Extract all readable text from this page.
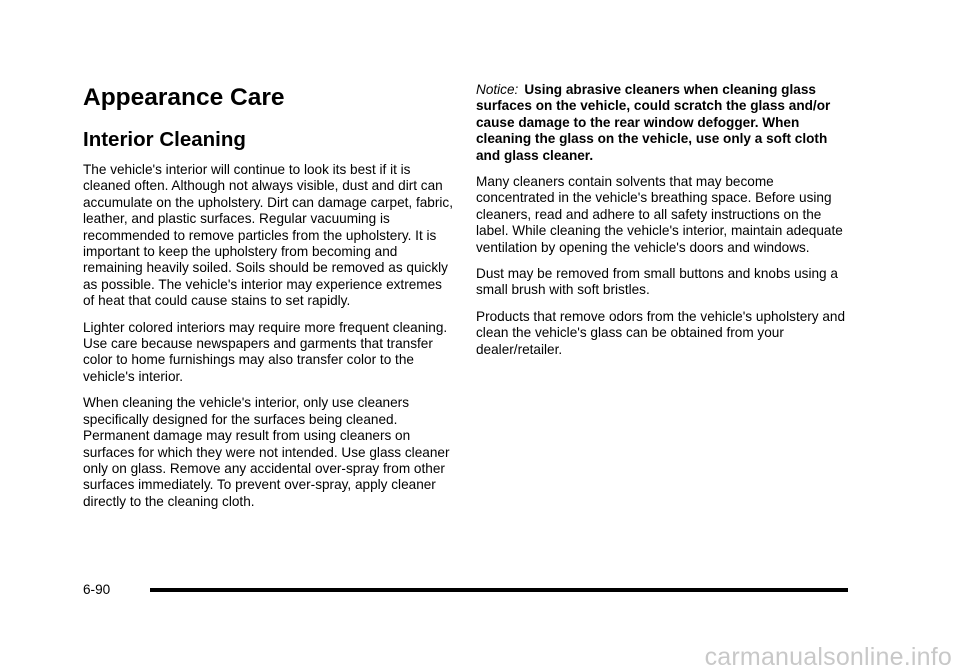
Appearance Care
Interior Cleaning

The vehicle's interior will continue to look its best if it is cleaned often. Although not always visible, dust and dirt can accumulate on the upholstery. Dirt can damage carpet, fabric, leather, and plastic surfaces. Regular vacuuming is recommended to remove particles from the upholstery. It is important to keep the upholstery from becoming and remaining heavily soiled. Soils should be removed as quickly as possible. The vehicle's interior may experience extremes of heat that could cause stains to set rapidly.

Lighter colored interiors may require more frequent cleaning. Use care because newspapers and garments that transfer color to home furnishings may also transfer color to the vehicle's interior.

When cleaning the vehicle's interior, only use cleaners specifically designed for the surfaces being cleaned. Permanent damage may result from using cleaners on surfaces for which they were not intended. Use glass cleaner only on glass. Remove any accidental over-spray from other surfaces immediately. To prevent over-spray, apply cleaner directly to the cleaning cloth.

Notice: Using abrasive cleaners when cleaning glass surfaces on the vehicle, could scratch the glass and/or cause damage to the rear window defogger. When cleaning the glass on the vehicle, use only a soft cloth and glass cleaner.

Many cleaners contain solvents that may become concentrated in the vehicle's breathing space. Before using cleaners, read and adhere to all safety instructions on the label. While cleaning the vehicle's interior, maintain adequate ventilation by opening the vehicle's doors and windows.

Dust may be removed from small buttons and knobs using a small brush with soft bristles.

Products that remove odors from the vehicle's upholstery and clean the vehicle's glass can be obtained from your dealer/retailer.

6-90
carmanualsonline.info
